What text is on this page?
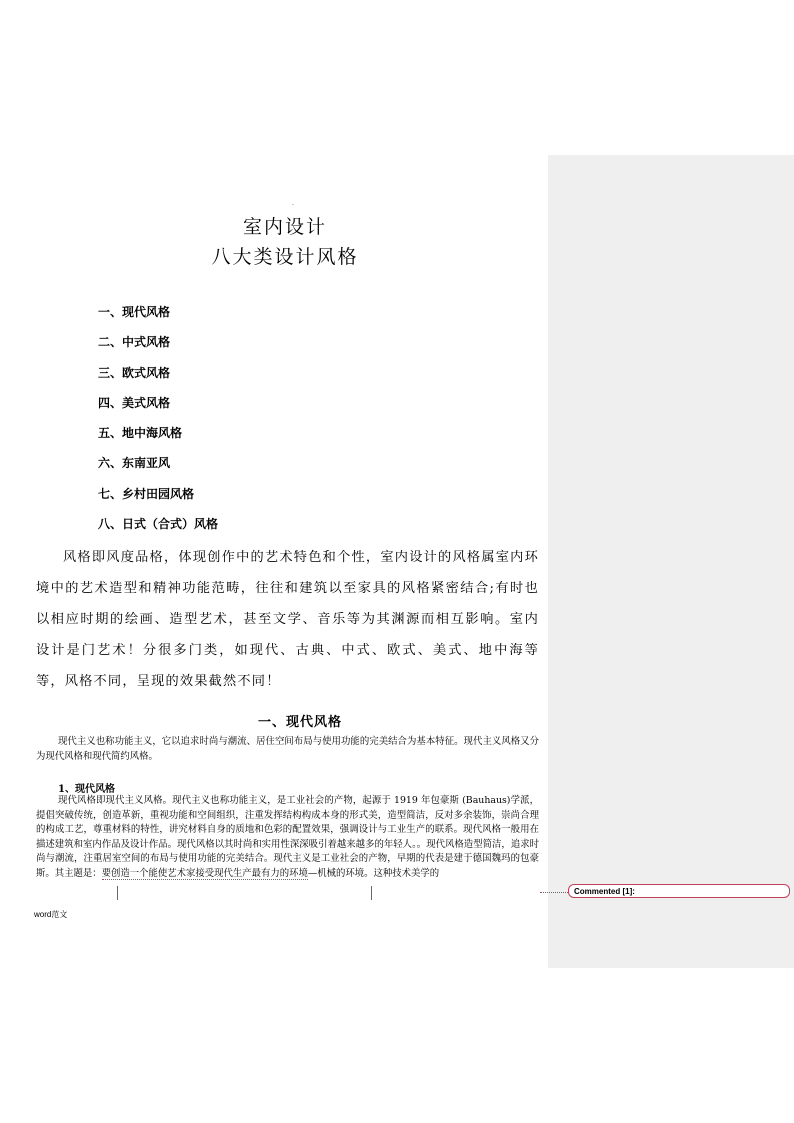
·
室内设计
八大类设计风格
一、现代风格
二、中式风格
三、欧式风格
四、美式风格
五、地中海风格
六、东南亚风
七、乡村田园风格
八、日式（合式）风格

风格即风度品格，体现创作中的艺术特色和个性，室内设计的风格属室内环境中的艺术造型和精神功能范畴，往往和建筑以至家具的风格紧密结合;有时也以相应时期的绘画、造型艺术，甚至文学、音乐等为其渊源而相互影响。室内设计是门艺术！分很多门类，如现代、古典、中式、欧式、美式、地中海等等，风格不同，呈现的效果截然不同！

一、现代风格

现代主义也称功能主义，它以追求时尚与潮流、居住空间布局与使用功能的完美结合为基本特征。现代主义风格又分为现代风格和现代简约风格。

1、现代风格

现代风格即现代主义风格。现代主义也称功能主义，是工业社会的产物，起源于 1919 年包豪斯 (Bauhaus)学派，提倡突破传统，创造革新，重视功能和空间组织，注重发挥结构构成本身的形式美，造型简洁，反对多余装饰，崇尚合理的构成工艺，尊重材料的特性，讲究材料自身的质地和色彩的配置效果，强调设计与工业生产的联系。现代风格一般用在描述建筑和室内作品及设计作品。现代风格以其时尚和实用性深深吸引着越来越多的年轻人。。现代风格造型简洁，追求时尚与潮流，注重居室空间的布局与使用功能的完美结合。现代主义是工业社会的产物，早期的代表是建于德国魏玛的包豪斯。其主题是：要创造一个能使艺术家接受现代生产最有力的环境—机械的环境。这种技术美学的

word范文
Commented [1]:
